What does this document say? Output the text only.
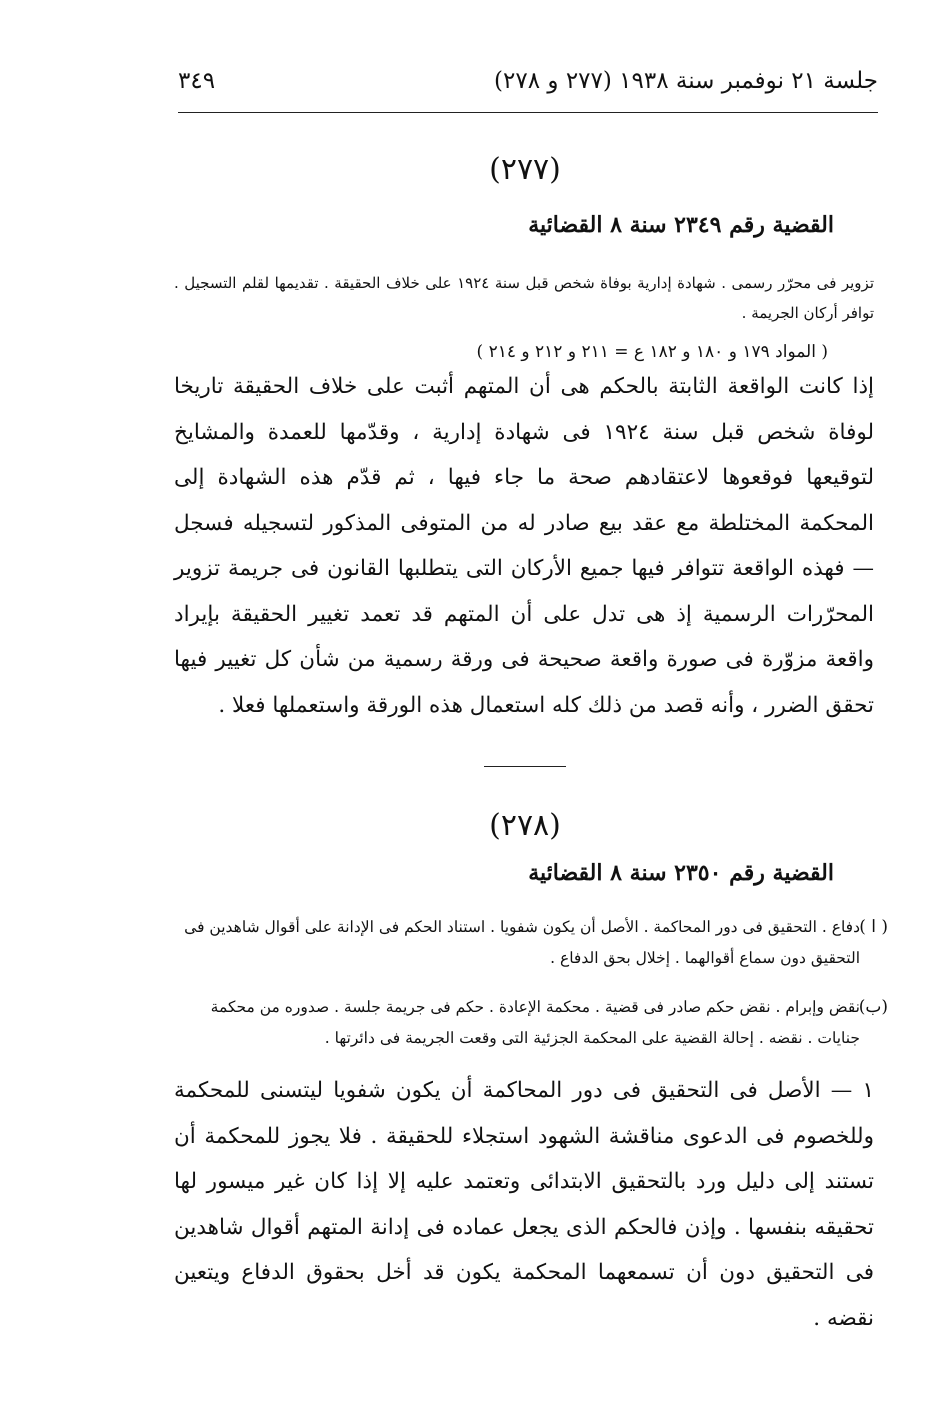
جلسة ٢١ نوفمبر سنة ١٩٣٨ (٢٧٧ و ٢٧٨)
٣٤٩
(٢٧٧)
القضية رقم ٢٣٤٩ سنة ٨ القضائية
تزوير فى محرّر رسمى . شهادة إدارية بوفاة شخص قبل سنة ١٩٢٤ على خلاف الحقيقة . تقديمها لقلم التسجيل . توافر أركان الجريمة .
( المواد ١٧٩ و ١٨٠ و ١٨٢ ع = ٢١١ و ٢١٢ و ٢١٤ )

إذا كانت الواقعة الثابتة بالحكم هى أن المتهم أثبت على خلاف الحقيقة تاريخا لوفاة شخص قبل سنة ١٩٢٤ فى شهادة إدارية ، وقدّمها للعمدة والمشايخ لتوقيعها فوقعوها لاعتقادهم صحة ما جاء فيها ، ثم قدّم هذه الشهادة إلى المحكمة المختلطة مع عقد بيع صادر له من المتوفى المذكور لتسجيله فسجل — فهذه الواقعة تتوافر فيها جميع الأركان التى يتطلبها القانون فى جريمة تزوير المحرّرات الرسمية إذ هى تدل على أن المتهم قد تعمد تغيير الحقيقة بإيراد واقعة مزوّرة فى صورة واقعة صحيحة فى ورقة رسمية من شأن كل تغيير فيها تحقق الضرر ، وأنه قصد من ذلك كله استعمال هذه الورقة واستعملها فعلا .

(٢٧٨)
القضية رقم ٢٣٥٠ سنة ٨ القضائية
( ا )
دفاع . التحقيق فى دور المحاكمة . الأصل أن يكون شفويا . استناد الحكم فى الإدانة على أقوال شاهدين فى التحقيق دون سماع أقوالهما . إخلال بحق الدفاع .
(ب)
نقض وإبرام . نقض حكم صادر فى قضية . محكمة الإعادة . حكم فى جريمة جلسة . صدوره من محكمة جنايات . نقضه . إحالة القضية على المحكمة الجزئية التى وقعت الجريمة فى دائرتها .

١ — الأصل فى التحقيق فى دور المحاكمة أن يكون شفويا ليتسنى للمحكمة وللخصوم فى الدعوى مناقشة الشهود استجلاء للحقيقة . فلا يجوز للمحكمة أن تستند إلى دليل ورد بالتحقيق الابتدائى وتعتمد عليه إلا إذا كان غير ميسور لها تحقيقه بنفسها . وإذن فالحكم الذى يجعل عماده فى إدانة المتهم أقوال شاهدين فى التحقيق دون أن تسمعهما المحكمة يكون قد أخل بحقوق الدفاع ويتعين نقضه .
